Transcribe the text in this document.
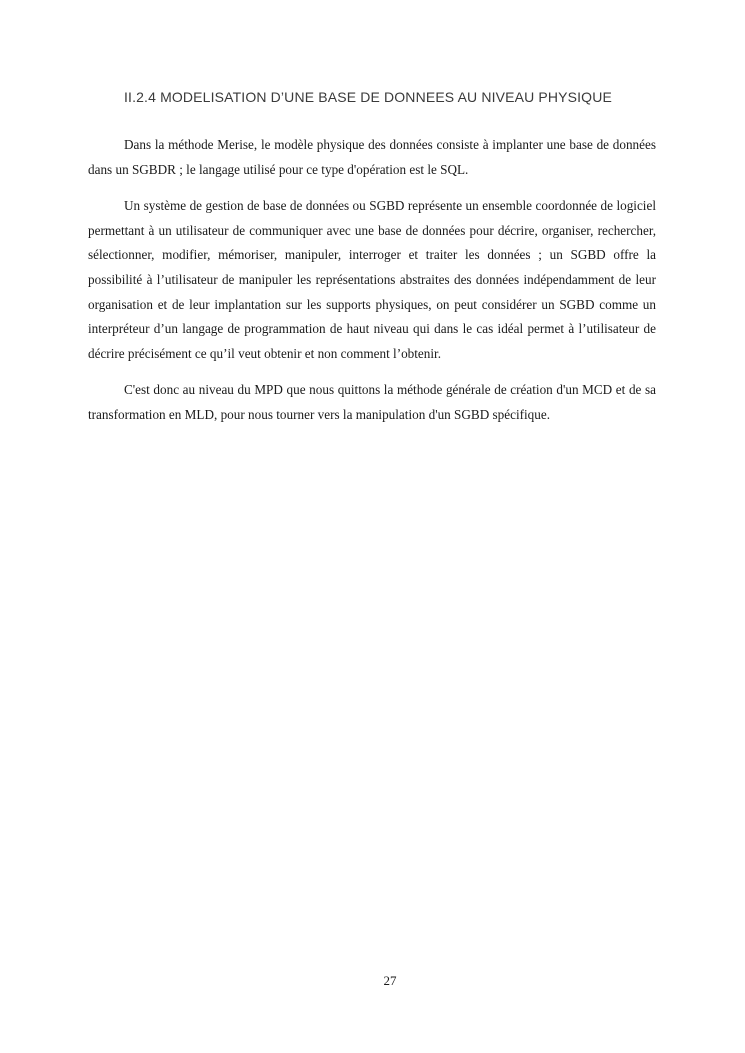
II.2.4 MODELISATION D’UNE BASE DE DONNEES AU NIVEAU PHYSIQUE

Dans la méthode Merise, le modèle physique des données consiste à implanter une base de données dans un SGBDR ; le langage utilisé pour ce type d'opération est le SQL.

Un système de gestion de base de données ou SGBD représente un ensemble coordonnée de logiciel permettant à un utilisateur de communiquer avec une base de données pour décrire, organiser, rechercher, sélectionner, modifier, mémoriser, manipuler, interroger et traiter les données ; un SGBD offre la possibilité à l’utilisateur de manipuler les représentations abstraites des données indépendamment de leur organisation et de leur implantation sur les supports physiques, on peut considérer un SGBD comme un interpréteur d’un langage de programmation de haut niveau qui dans le cas idéal permet à l’utilisateur de décrire précisément ce qu’il veut obtenir et non comment l’obtenir.

C'est donc au niveau du MPD que nous quittons la méthode générale de création d'un MCD et de sa transformation en MLD, pour nous tourner vers la manipulation d'un SGBD spécifique.

27
